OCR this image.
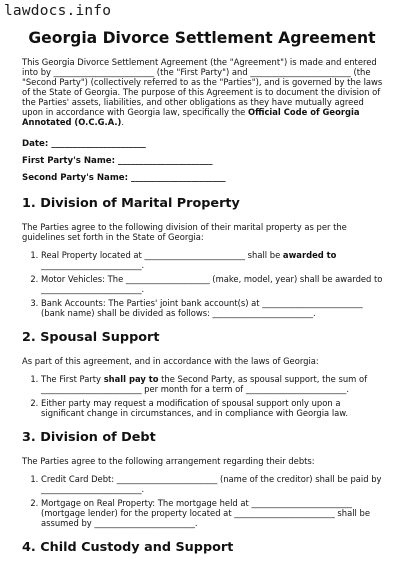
lawdocs.info
Georgia Divorce Settlement Agreement

This Georgia Divorce Settlement Agreement (the "Agreement") is made and entered into by ________________________ (the "First Party") and ________________________ (the "Second Party") (collectively referred to as the "Parties"), and is governed by the laws of the State of Georgia. The purpose of this Agreement is to document the division of the Parties' assets, liabilities, and other obligations as they have mutually agreed upon in accordance with Georgia law, specifically the Official Code of Georgia Annotated (O.C.G.A.).

Date: ______________________

First Party's Name: ______________________

Second Party's Name: ______________________

1. Division of Marital Property

The Parties agree to the following division of their marital property as per the guidelines set forth in the State of Georgia:

1. Real Property located at ________________________ shall be awarded to ________________________.
2. Motor Vehicles: The ____________________ (make, model, year) shall be awarded to ________________________.
3. Bank Accounts: The Parties' joint bank account(s) at ________________________ (bank name) shall be divided as follows: ________________________.
2. Spousal Support

As part of this agreement, and in accordance with the laws of Georgia:

1. The First Party shall pay to the Second Party, as spousal support, the sum of ________________________ per month for a term of ________________________.
2. Either party may request a modification of spousal support only upon a significant change in circumstances, and in compliance with Georgia law.
3. Division of Debt

The Parties agree to the following arrangement regarding their debts:

1. Credit Card Debt: ________________________ (name of the creditor) shall be paid by ________________________.
2. Mortgage on Real Property: The mortgage held at ________________________ (mortgage lender) for the property located at ________________________ shall be assumed by ________________________.
4. Child Custody and Support
